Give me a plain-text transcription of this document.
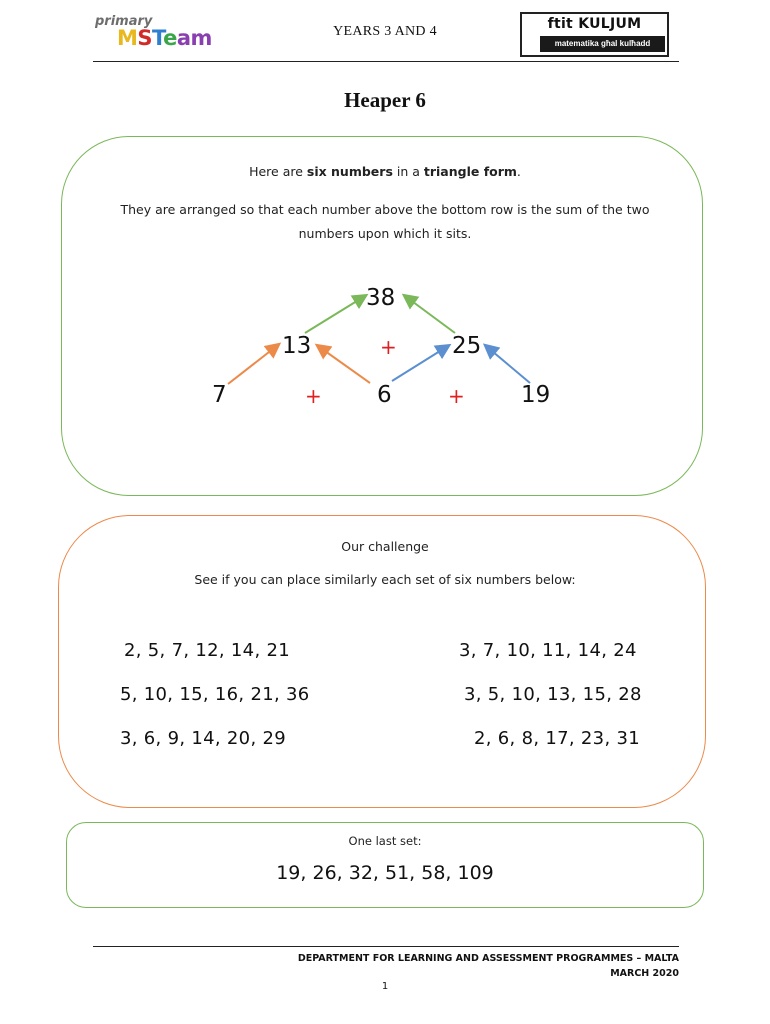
primary
MSTeam	YEARS 3 AND 4	ftit KULJUM
matematika għal kulħadd
Heaper 6
Here are six numbers in a triangle form.
They are arranged so that each number above the bottom row is the sum of the two numbers upon which it sits.
38
13	+ 25
7	+ 6	+ 19
Our challenge
See if you can place similarly each set of six numbers below:
2, 5, 7, 12, 14, 21	3, 7, 10, 11, 14, 24
5, 10, 15, 16, 21, 36	3, 5, 10, 13, 15, 28
3, 6, 9, 14, 20, 29	2, 6, 8, 17, 23, 31
One last set:
19, 26, 32, 51, 58, 109
DEPARTMENT FOR LEARNING AND ASSESSMENT PROGRAMMES – MALTA
MARCH 2020
1
